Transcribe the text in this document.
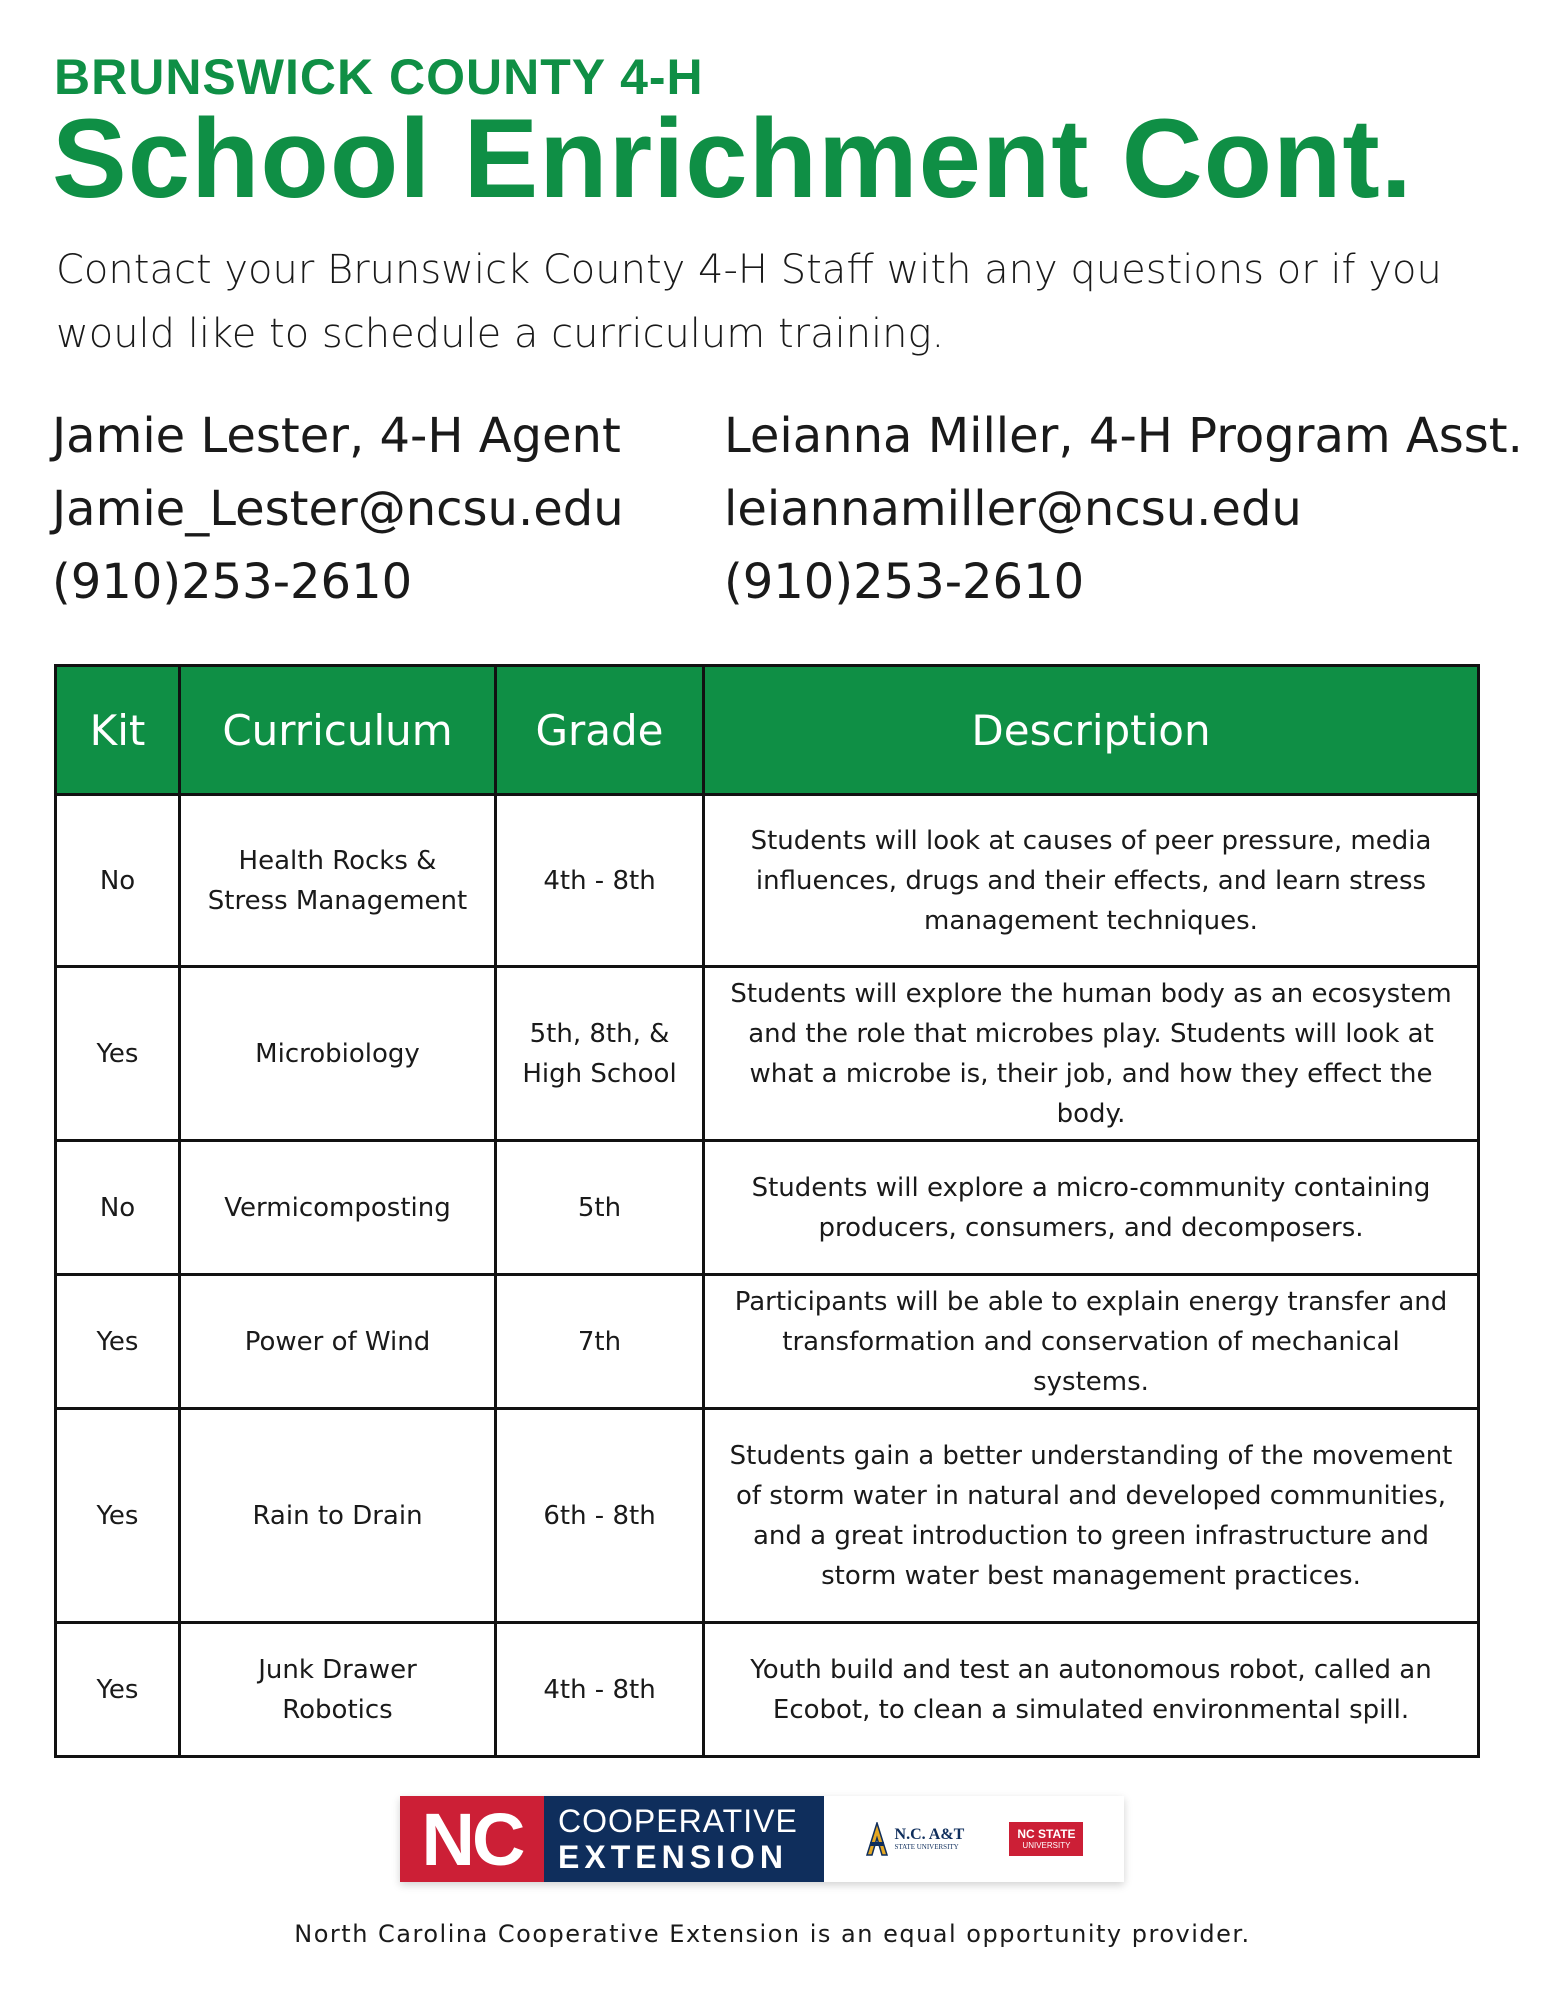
BRUNSWICK COUNTY 4-H
School Enrichment Cont.
Contact your Brunswick County 4-H Staff with any questions or if you would like to schedule a curriculum training.
Jamie Lester, 4-H Agent
Jamie_Lester@ncsu.edu
(910)253-2610
Leianna Miller, 4-H Program Asst.
leiannamiller@ncsu.edu
(910)253-2610
Kit	Curriculum	Grade	Description
No	Health Rocks & Stress Management	4th - 8th	Students will look at causes of peer pressure, media influences, drugs and their effects, and learn stress management techniques.
Yes	Microbiology	5th, 8th, & High School	Students will explore the human body as an ecosystem and the role that microbes play. Students will look at what a microbe is, their job, and how they effect the body.
No	Vermicomposting	5th	Students will explore a micro-community containing producers, consumers, and decomposers.
Yes	Power of Wind	7th	Participants will be able to explain energy transfer and transformation and conservation of mechanical systems.
Yes	Rain to Drain	6th - 8th	Students gain a better understanding of the movement of storm water in natural and developed communities, and a great introduction to green infrastructure and storm water best management practices.
Yes	Junk Drawer Robotics	4th - 8th	Youth build and test an autonomous robot, called an Ecobot, to clean a simulated environmental spill.
NC	COOPERATIVE
EXTENSION
N.C. A&T
STATE UNIVERSITY
NC STATE
UNIVERSITY
North Carolina Cooperative Extension is an equal opportunity provider.
